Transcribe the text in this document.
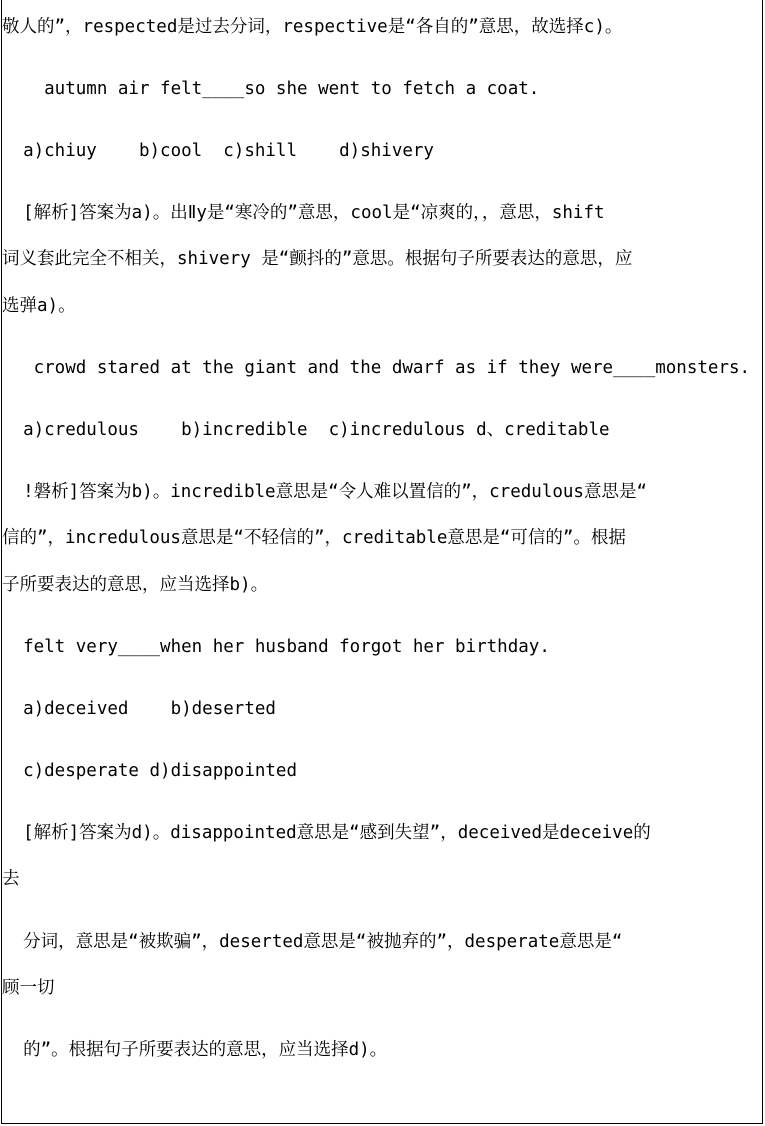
敬人的”，respected是过去分词，respective是“各自的”意思，故选择c)。
autumn air felt____so she went to fetch a coat.
a)chiuy    b)cool  c)shill    d)shivery
[解析]答案为a)。出Ⅱy是“寒冷的”意思，cool是“凉爽的，，意思，shift
词义套此完全不相关，shivery 是“颤抖的”意思。根据句子所要表达的意思，应
选弹a)。
crowd stared at the giant and the dwarf as if they were____monsters.
a)credulous    b)incredible  c)incredulous d、creditable
!磐析]答案为b)。incredible意思是“令人难以置信的”，credulous意思是“
信的”，incredulous意思是“不轻信的”，creditable意思是“可信的”。根据
子所要表达的意思，应当选择b)。
felt very____when her husband forgot her birthday.
a)deceived    b)deserted
c)desperate d)disappointed
[解析]答案为d)。disappointed意思是“感到失望”，deceived是deceive的
去
分词，意思是“被欺骗”，deserted意思是“被抛弃的”，desperate意思是“
顾一切
的”。根据句子所要表达的意思，应当选择d)。
